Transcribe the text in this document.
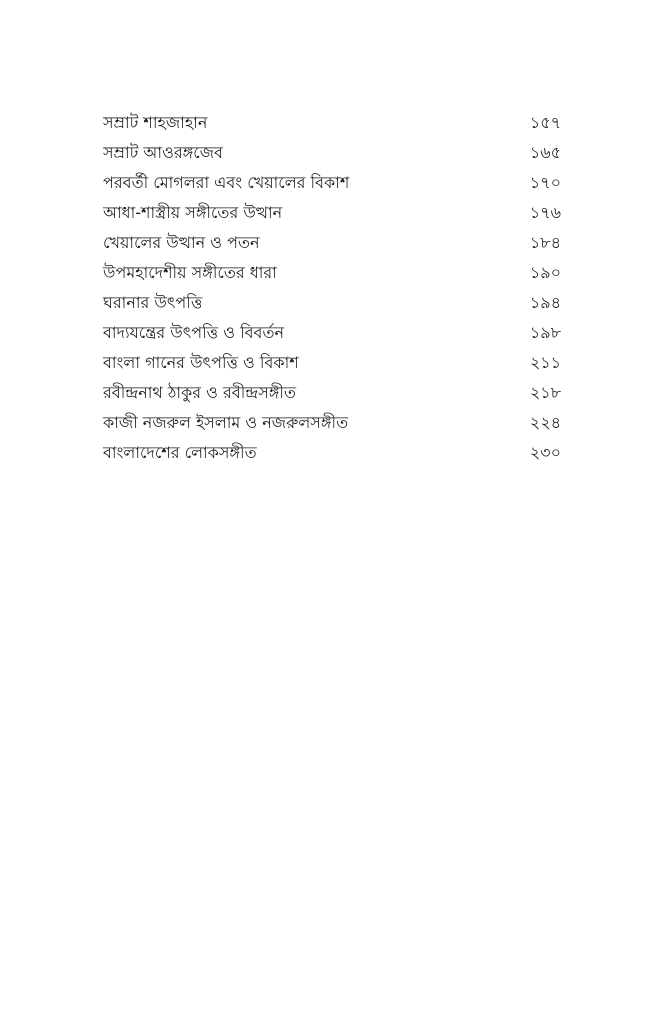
সম্রাট শাহজাহান	১৫৭
সম্রাট আওরঙ্গজেব	১৬৫
পরবর্তী মোগলরা এবং খেয়ালের বিকাশ	১৭০
আধা-শাস্ত্রীয় সঙ্গীতের উত্থান	১৭৬
খেয়ালের উত্থান ও পতন	১৮৪
উপমহাদেশীয় সঙ্গীতের ধারা	১৯০
ঘরানার উৎপত্তি	১৯৪
বাদ্যযন্ত্রের উৎপত্তি ও বিবর্তন	১৯৮
বাংলা গানের উৎপত্তি ও বিকাশ	২১১
রবীন্দ্রনাথ ঠাকুর ও রবীন্দ্রসঙ্গীত	২১৮
কাজী নজরুল ইসলাম ও নজরুলসঙ্গীত	২২৪
বাংলাদেশের লোকসঙ্গীত	২৩০
